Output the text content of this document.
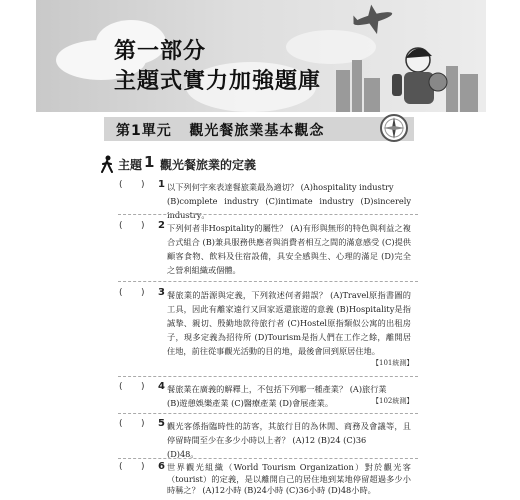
第一部分
主題式實力加強題庫
第1單元 觀光餐旅業基本觀念
主題 1 觀光餐旅業的定義
( ) 1 以下列何字來表達餐旅業最為適切？ (A)hospitality industry
(B)complete industry (C)intimate industry (D)sincerely industry。
( ) 2 下列何者非Hospitality的屬性？ (A)有形與無形的特色與利益之複合式組合 (B)兼具服務供應者與消費者相互之間的滿意感受 (C)提供顧客食物、飲料及住宿設備，具安全感與生、心理的滿足 (D)完全之營利組織或個體。
( ) 3 餐旅業的語源與定義，下列敘述何者錯誤？ (A)Travel原指書圖的工具，因此有離家遠行又回家返還旅遊的意義 (B)Hospitality是指誠摯、親切、殷勤地款待旅行者 (C)Hostel原指類似公寓的出租房子，現多定義為招待所 (D)Tourism是指人們在工作之餘，離開居住地，前往從事觀光活動的目的地，最後會回到原居住地。
【101統測】
( ) 4 餐旅業在廣義的解釋上，不包括下列哪一種產業？ (A)旅行業
(B)遊憩娛樂產業 (C)醫療產業 (D)會展產業。	【102統測】
( ) 5 觀光客係指臨時性的訪客，其旅行目的為休閒、商務及會議等，且停留時間至少在多少小時以上者？ (A)12 (B)24 (C)36
(D)48。
( ) 6 世界觀光組織（World Tourism Organization）對於觀光客（tourist）的定義，是以離開自己的居住地到某地停留超過多少小時稱之？ (A)12小時 (B)24小時 (C)36小時 (D)48小時。
